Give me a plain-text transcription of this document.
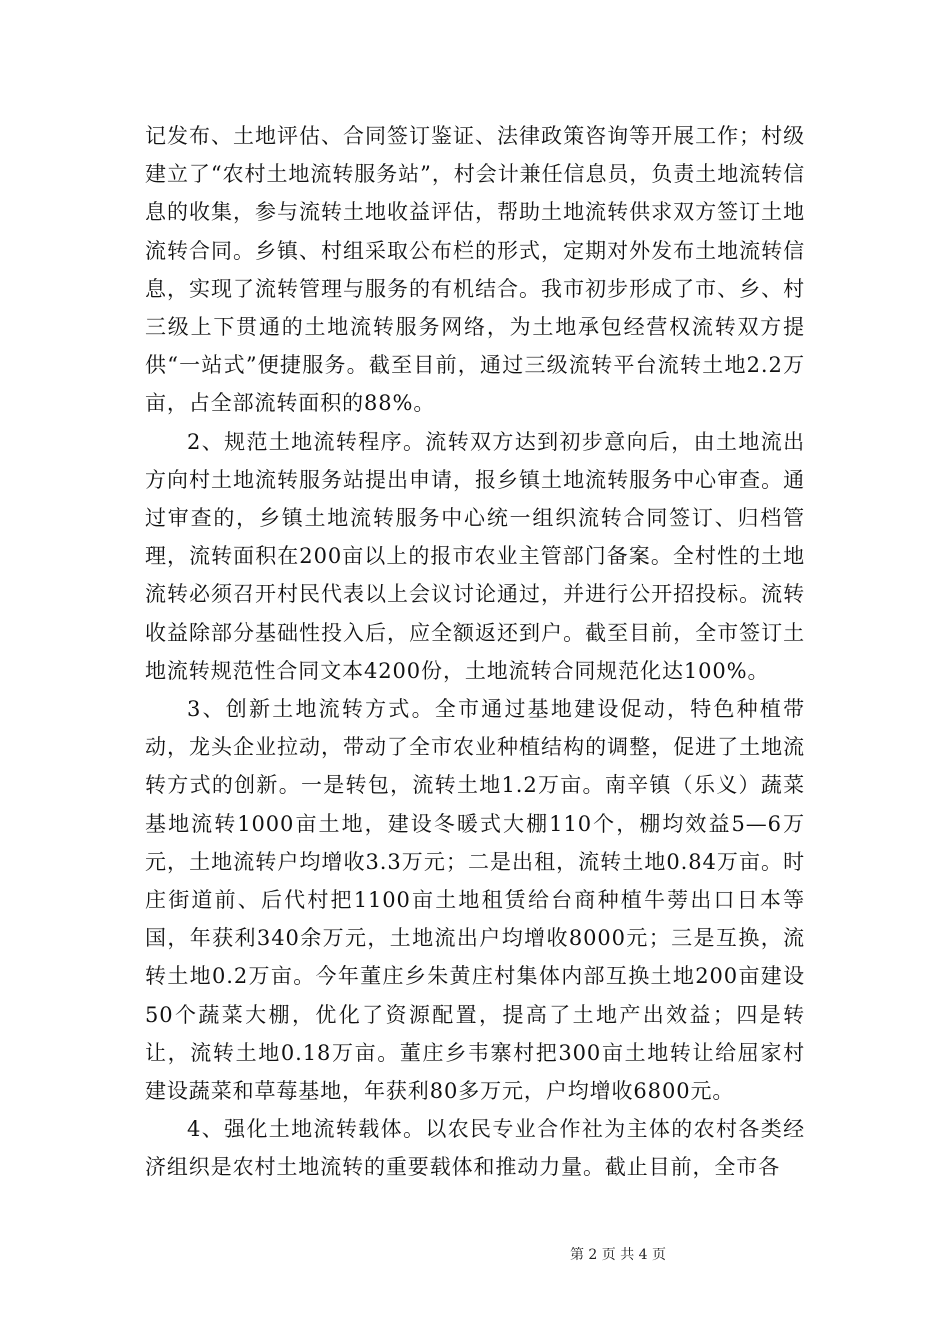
记发布、土地评估、合同签订鉴证、法律政策咨询等开展工作；村级建立了“农村土地流转服务站”，村会计兼任信息员，负责土地流转信息的收集，参与流转土地收益评估，帮助土地流转供求双方签订土地流转合同。乡镇、村组采取公布栏的形式，定期对外发布土地流转信息，实现了流转管理与服务的有机结合。我市初步形成了市、乡、村三级上下贯通的土地流转服务网络，为土地承包经营权流转双方提供“一站式”便捷服务。截至目前，通过三级流转平台流转土地2.2万亩，占全部流转面积的88%。

2、规范土地流转程序。流转双方达到初步意向后，由土地流出方向村土地流转服务站提出申请，报乡镇土地流转服务中心审查。通过审查的，乡镇土地流转服务中心统一组织流转合同签订、归档管理，流转面积在200亩以上的报市农业主管部门备案。全村性的土地流转必须召开村民代表以上会议讨论通过，并进行公开招投标。流转收益除部分基础性投入后，应全额返还到户。截至目前，全市签订土地流转规范性合同文本4200份，土地流转合同规范化达100%。

3、创新土地流转方式。全市通过基地建设促动，特色种植带动，龙头企业拉动，带动了全市农业种植结构的调整，促进了土地流转方式的创新。一是转包，流转土地1.2万亩。南辛镇（乐义）蔬菜基地流转1000亩土地，建设冬暖式大棚110个，棚均效益5—6万元，土地流转户均增收3.3万元；二是出租，流转土地0.84万亩。时庄街道前、后代村把1100亩土地租赁给台商种植牛蒡出口日本等国，年获利340余万元，土地流出户均增收8000元；三是互换，流转土地0.2万亩。今年董庄乡朱黄庄村集体内部互换土地200亩建设50个蔬菜大棚，优化了资源配置，提高了土地产出效益；四是转让，流转土地0.18万亩。董庄乡韦寨村把300亩土地转让给屈家村建设蔬菜和草莓基地，年获利80多万元，户均增收6800元。

4、强化土地流转载体。以农民专业合作社为主体的农村各类经济组织是农村土地流转的重要载体和推动力量。截止目前，全市各

第 2 页 共 4 页
